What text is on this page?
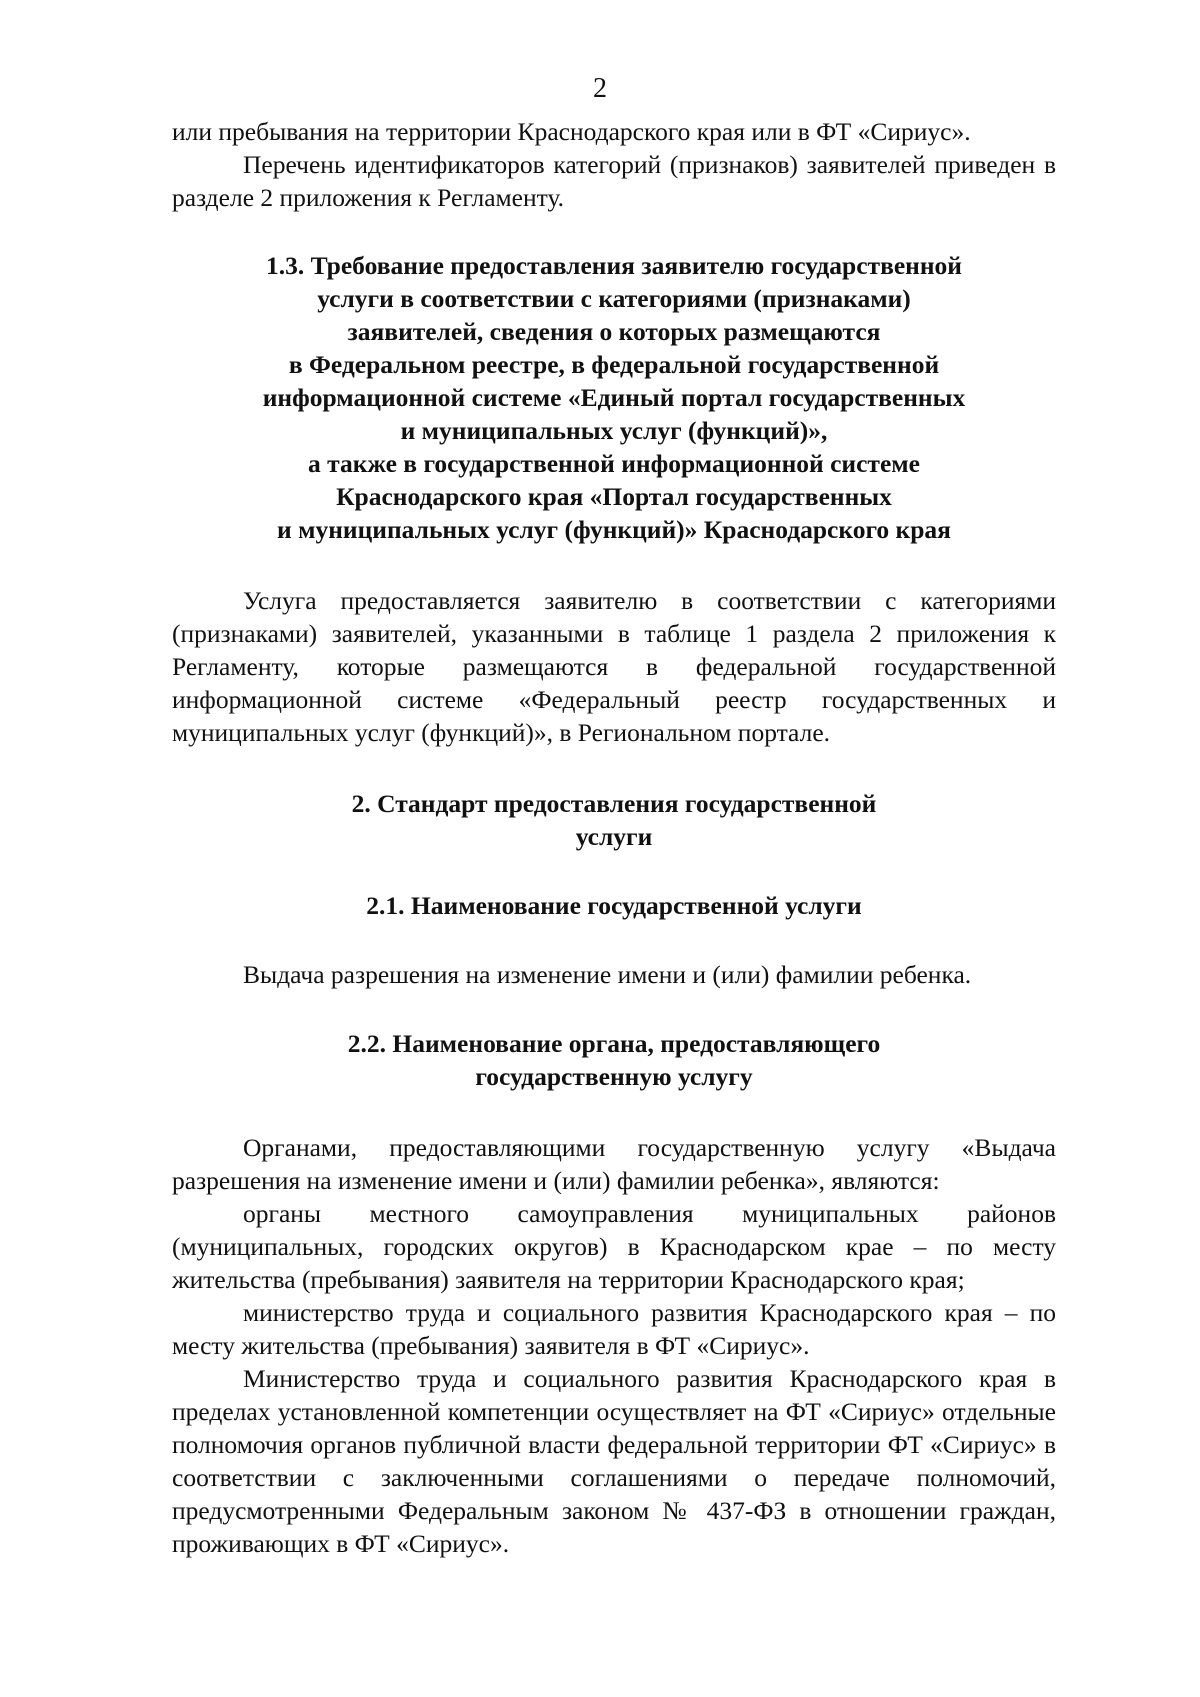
2

или пребывания на территории Краснодарского края или в ФТ «Сириус».

Перечень идентификаторов категорий (признаков) заявителей приведен в разделе 2 приложения к Регламенту.

1.3. Требование предоставления заявителю государственной
услуги в соответствии с категориями (признаками)
заявителей, сведения о которых размещаются
в Федеральном реестре, в федеральной государственной
информационной системе «Единый портал государственных
и муниципальных услуг (функций)»,
а также в государственной информационной системе
Краснодарского края «Портал государственных
и муниципальных услуг (функций)» Краснодарского края

Услуга предоставляется заявителю в соответствии с категориями (признаками) заявителей, указанными в таблице 1 раздела 2 приложения к Регламенту, которые размещаются в федеральной государственной информационной системе «Федеральный реестр государственных и муниципальных услуг (функций)», в Региональном портале.

2. Стандарт предоставления государственной
услуги
2.1. Наименование государственной услуги

Выдача разрешения на изменение имени и (или) фамилии ребенка.

2.2. Наименование органа, предоставляющего
государственную услугу

Органами, предоставляющими государственную услугу «Выдача разрешения на изменение имени и (или) фамилии ребенка», являются:

органы местного самоуправления муниципальных районов (муниципальных, городских округов) в Краснодарском крае – по месту жительства (пребывания) заявителя на территории Краснодарского края;

министерство труда и социального развития Краснодарского края – по месту жительства (пребывания) заявителя в ФТ «Сириус».

Министерство труда и социального развития Краснодарского края в пределах установленной компетенции осуществляет на ФТ «Сириус» отдельные полномочия органов публичной власти федеральной территории ФТ «Сириус» в соответствии с заключенными соглашениями о передаче полномочий, предусмотренными Федеральным законом № 437-ФЗ в отношении граждан, проживающих в ФТ «Сириус».
